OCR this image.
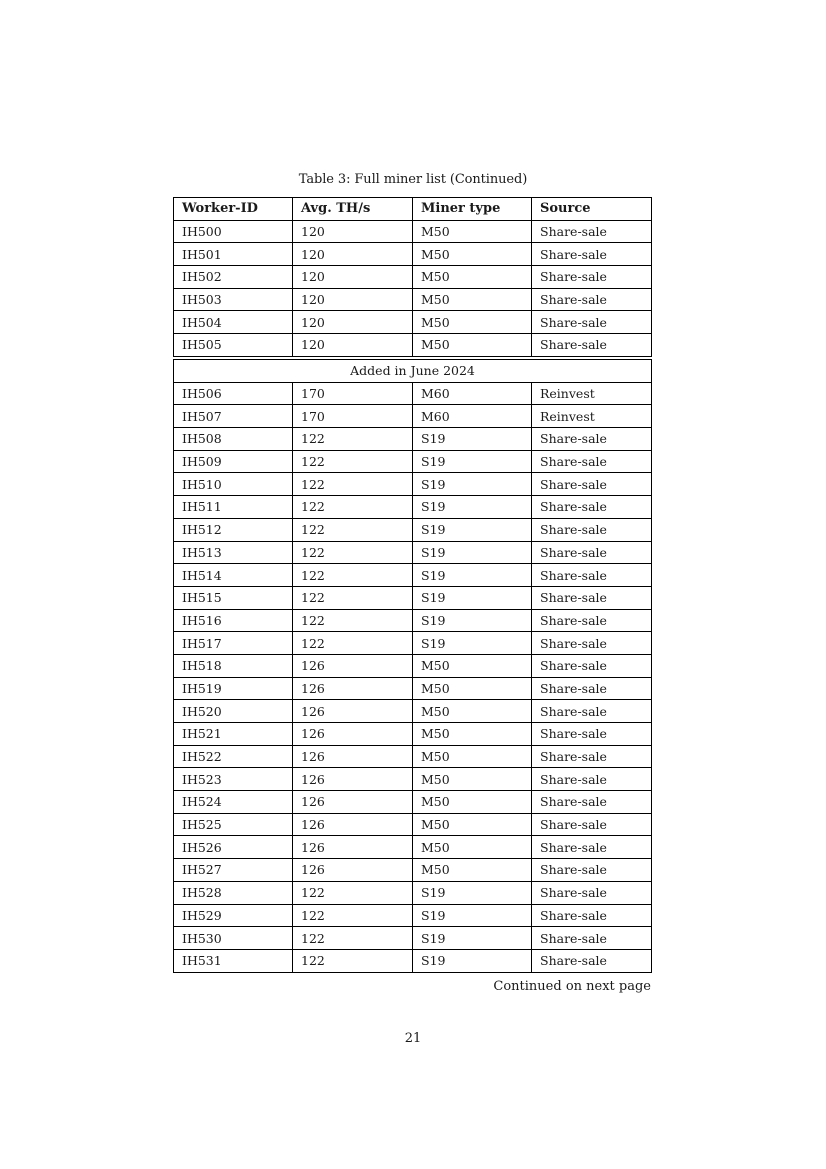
Table 3: Full miner list (Continued)
Worker-ID	Avg. TH/s	Miner type	Source
IH500	120	M50	Share-sale
IH501	120	M50	Share-sale
IH502	120	M50	Share-sale
IH503	120	M50	Share-sale
IH504	120	M50	Share-sale
IH505	120	M50	Share-sale
Added in June 2024			
IH506	170	M60	Reinvest
IH507	170	M60	Reinvest
IH508	122	S19	Share-sale
IH509	122	S19	Share-sale
IH510	122	S19	Share-sale
IH511	122	S19	Share-sale
IH512	122	S19	Share-sale
IH513	122	S19	Share-sale
IH514	122	S19	Share-sale
IH515	122	S19	Share-sale
IH516	122	S19	Share-sale
IH517	122	S19	Share-sale
IH518	126	M50	Share-sale
IH519	126	M50	Share-sale
IH520	126	M50	Share-sale
IH521	126	M50	Share-sale
IH522	126	M50	Share-sale
IH523	126	M50	Share-sale
IH524	126	M50	Share-sale
IH525	126	M50	Share-sale
IH526	126	M50	Share-sale
IH527	126	M50	Share-sale
IH528	122	S19	Share-sale
IH529	122	S19	Share-sale
IH530	122	S19	Share-sale
IH531	122	S19	Share-sale
Continued on next page
21
